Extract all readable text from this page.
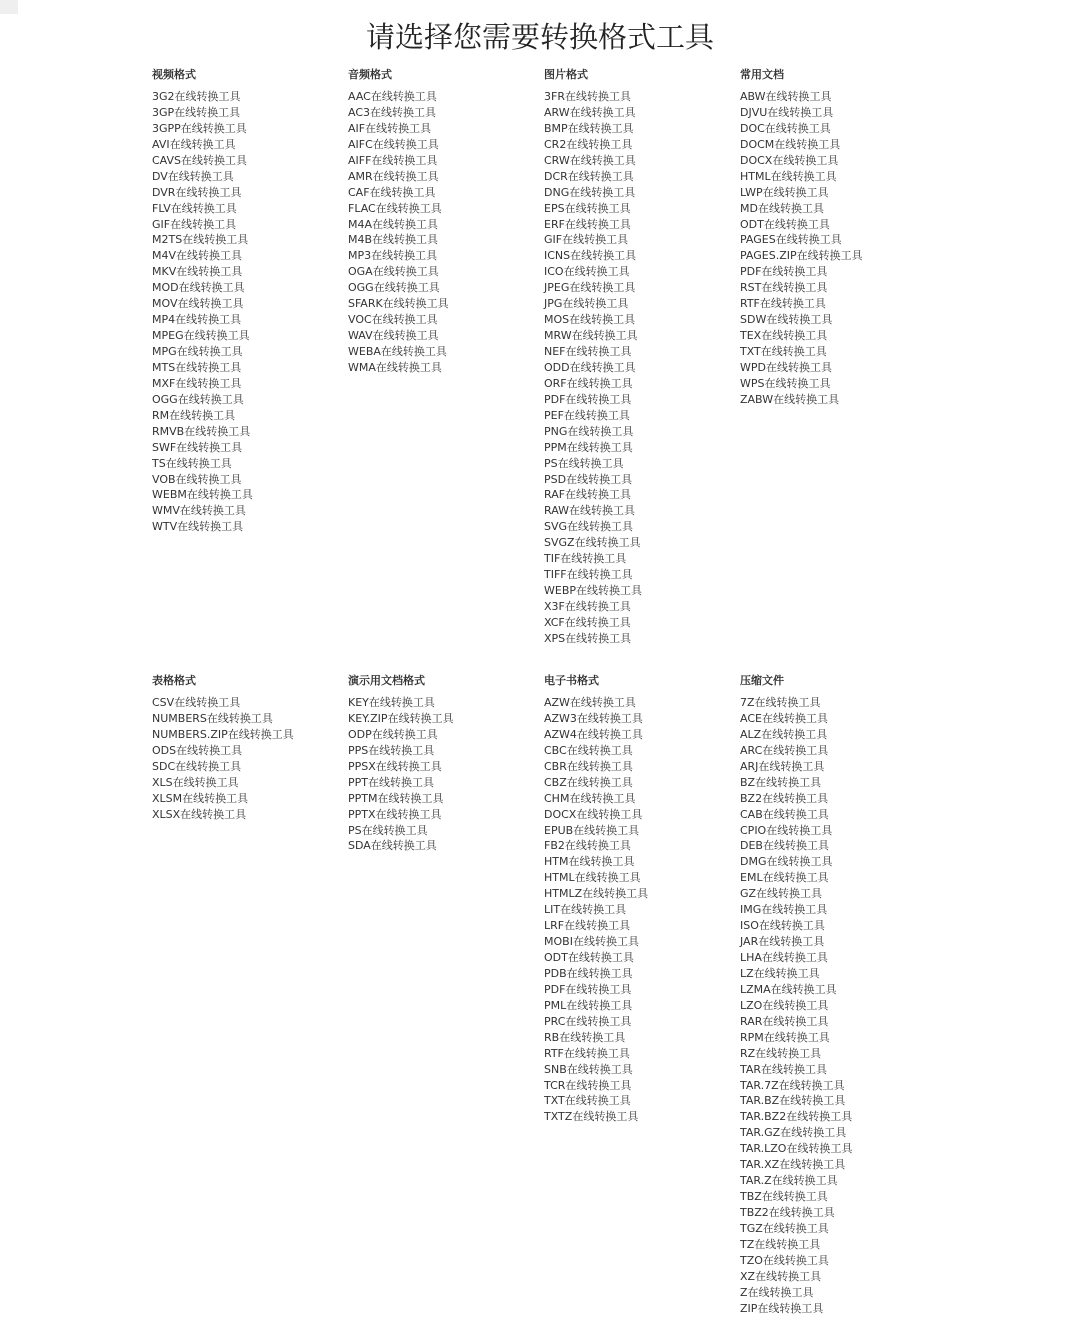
请选择您需要转换格式工具
视频格式
3G2在线转换工具
3GP在线转换工具
3GPP在线转换工具
AVI在线转换工具
CAVS在线转换工具
DV在线转换工具
DVR在线转换工具
FLV在线转换工具
GIF在线转换工具
M2TS在线转换工具
M4V在线转换工具
MKV在线转换工具
MOD在线转换工具
MOV在线转换工具
MP4在线转换工具
MPEG在线转换工具
MPG在线转换工具
MTS在线转换工具
MXF在线转换工具
OGG在线转换工具
RM在线转换工具
RMVB在线转换工具
SWF在线转换工具
TS在线转换工具
VOB在线转换工具
WEBM在线转换工具
WMV在线转换工具
WTV在线转换工具
音频格式
AAC在线转换工具
AC3在线转换工具
AIF在线转换工具
AIFC在线转换工具
AIFF在线转换工具
AMR在线转换工具
CAF在线转换工具
FLAC在线转换工具
M4A在线转换工具
M4B在线转换工具
MP3在线转换工具
OGA在线转换工具
OGG在线转换工具
SFARK在线转换工具
VOC在线转换工具
WAV在线转换工具
WEBA在线转换工具
WMA在线转换工具
图片格式
3FR在线转换工具
ARW在线转换工具
BMP在线转换工具
CR2在线转换工具
CRW在线转换工具
DCR在线转换工具
DNG在线转换工具
EPS在线转换工具
ERF在线转换工具
GIF在线转换工具
ICNS在线转换工具
ICO在线转换工具
JPEG在线转换工具
JPG在线转换工具
MOS在线转换工具
MRW在线转换工具
NEF在线转换工具
ODD在线转换工具
ORF在线转换工具
PDF在线转换工具
PEF在线转换工具
PNG在线转换工具
PPM在线转换工具
PS在线转换工具
PSD在线转换工具
RAF在线转换工具
RAW在线转换工具
SVG在线转换工具
SVGZ在线转换工具
TIF在线转换工具
TIFF在线转换工具
WEBP在线转换工具
X3F在线转换工具
XCF在线转换工具
XPS在线转换工具
常用文档
ABW在线转换工具
DJVU在线转换工具
DOC在线转换工具
DOCM在线转换工具
DOCX在线转换工具
HTML在线转换工具
LWP在线转换工具
MD在线转换工具
ODT在线转换工具
PAGES在线转换工具
PAGES.ZIP在线转换工具
PDF在线转换工具
RST在线转换工具
RTF在线转换工具
SDW在线转换工具
TEX在线转换工具
TXT在线转换工具
WPD在线转换工具
WPS在线转换工具
ZABW在线转换工具
表格格式
CSV在线转换工具
NUMBERS在线转换工具
NUMBERS.ZIP在线转换工具
ODS在线转换工具
SDC在线转换工具
XLS在线转换工具
XLSM在线转换工具
XLSX在线转换工具
演示用文档格式
KEY在线转换工具
KEY.ZIP在线转换工具
ODP在线转换工具
PPS在线转换工具
PPSX在线转换工具
PPT在线转换工具
PPTM在线转换工具
PPTX在线转换工具
PS在线转换工具
SDA在线转换工具
电子书格式
AZW在线转换工具
AZW3在线转换工具
AZW4在线转换工具
CBC在线转换工具
CBR在线转换工具
CBZ在线转换工具
CHM在线转换工具
DOCX在线转换工具
EPUB在线转换工具
FB2在线转换工具
HTM在线转换工具
HTML在线转换工具
HTMLZ在线转换工具
LIT在线转换工具
LRF在线转换工具
MOBI在线转换工具
ODT在线转换工具
PDB在线转换工具
PDF在线转换工具
PML在线转换工具
PRC在线转换工具
RB在线转换工具
RTF在线转换工具
SNB在线转换工具
TCR在线转换工具
TXT在线转换工具
TXTZ在线转换工具
压缩文件
7Z在线转换工具
ACE在线转换工具
ALZ在线转换工具
ARC在线转换工具
ARJ在线转换工具
BZ在线转换工具
BZ2在线转换工具
CAB在线转换工具
CPIO在线转换工具
DEB在线转换工具
DMG在线转换工具
EML在线转换工具
GZ在线转换工具
IMG在线转换工具
ISO在线转换工具
JAR在线转换工具
LHA在线转换工具
LZ在线转换工具
LZMA在线转换工具
LZO在线转换工具
RAR在线转换工具
RPM在线转换工具
RZ在线转换工具
TAR在线转换工具
TAR.7Z在线转换工具
TAR.BZ在线转换工具
TAR.BZ2在线转换工具
TAR.GZ在线转换工具
TAR.LZO在线转换工具
TAR.XZ在线转换工具
TAR.Z在线转换工具
TBZ在线转换工具
TBZ2在线转换工具
TGZ在线转换工具
TZ在线转换工具
TZO在线转换工具
XZ在线转换工具
Z在线转换工具
ZIP在线转换工具
